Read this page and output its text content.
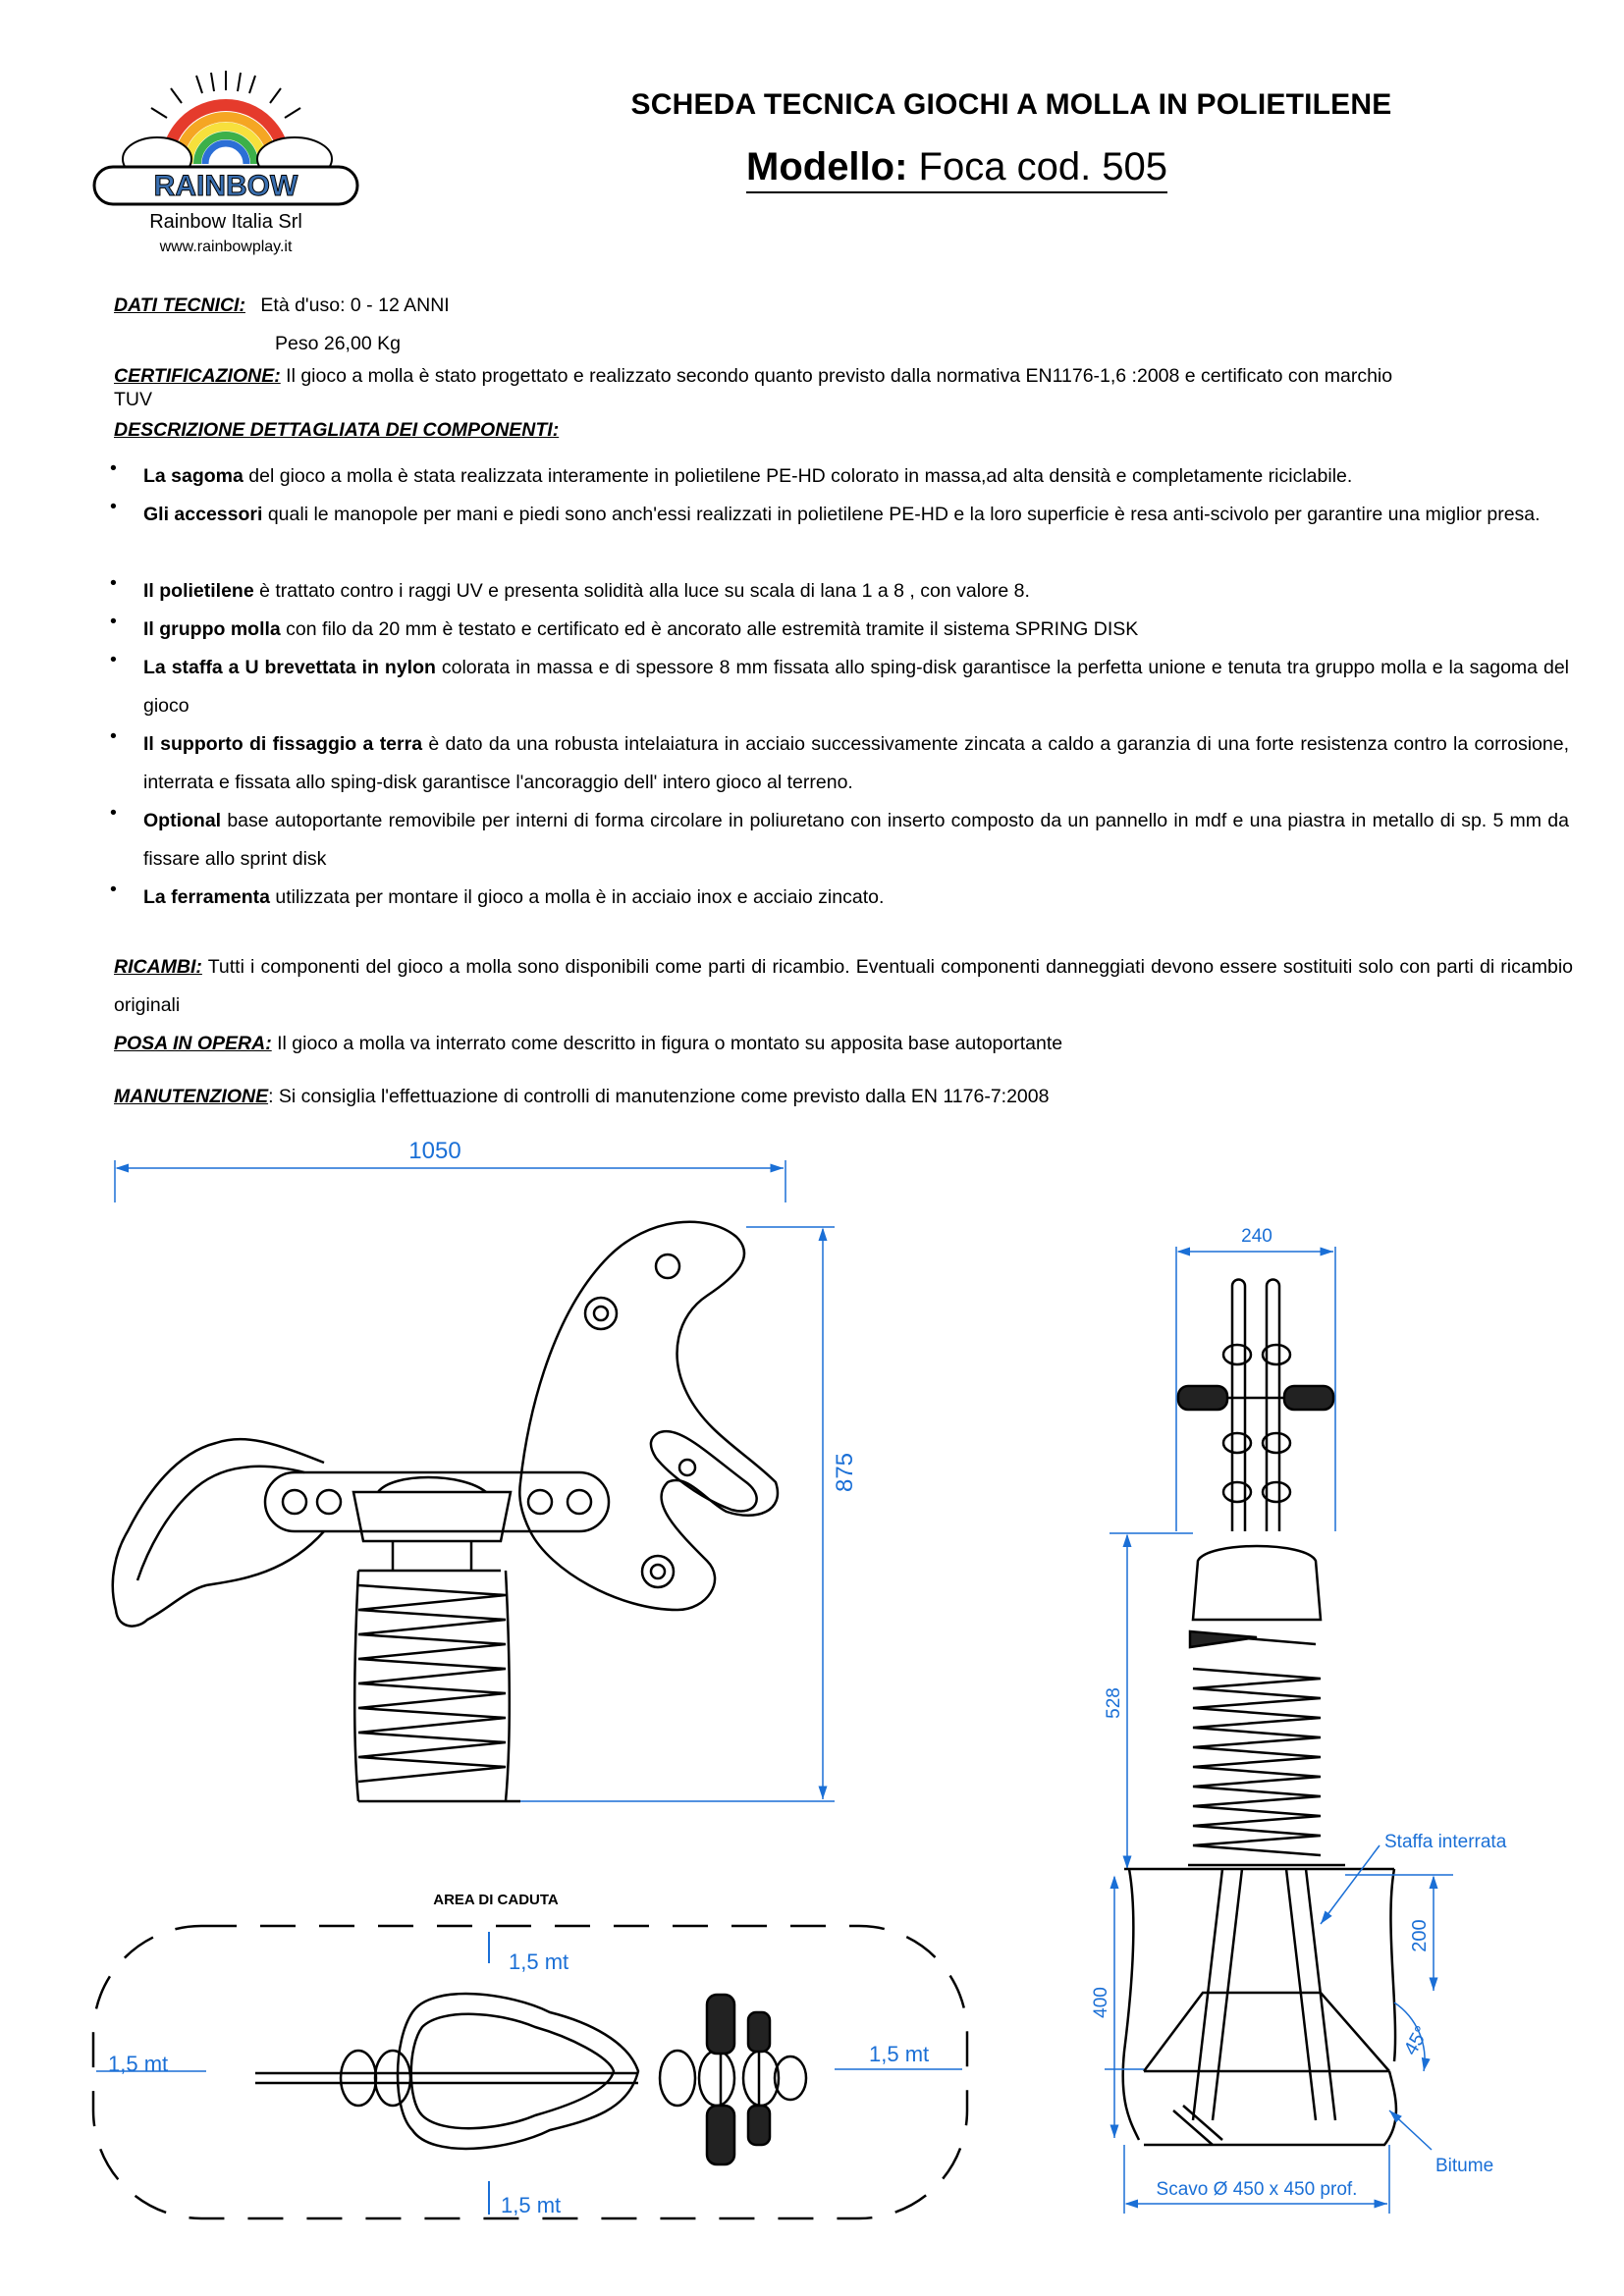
RAINBOW
Rainbow Italia Srl
www.rainbowplay.it
SCHEDA TECNICA GIOCHI A MOLLA IN POLIETILENE
Modello: Foca cod. 505
DATI TECNICI: Età d'uso: 0 - 12 ANNI
Peso 26,00 Kg
CERTIFICAZIONE: Il gioco a molla è stato progettato e realizzato secondo quanto previsto dalla normativa EN1176-1,6 :2008 e certificato con marchio
TUV
DESCRIZIONE DETTAGLIATA DEI COMPONENTI:
• La sagoma del gioco a molla è stata realizzata interamente in polietilene PE-HD colorato in massa,ad alta densità e completamente riciclabile.
• Gli accessori quali le manopole per mani e piedi sono anch'essi realizzati in polietilene PE-HD e la loro superficie è resa anti-scivolo per garantire una miglior presa.
• Il polietilene è trattato contro i raggi UV e presenta solidità alla luce su scala di lana 1 a 8 , con valore 8.
• Il gruppo molla con filo da 20 mm è testato e certificato ed è ancorato alle estremità tramite il sistema SPRING DISK
• La staffa a U brevettata in nylon colorata in massa e di spessore 8 mm fissata allo sping-disk garantisce la perfetta unione e tenuta tra gruppo molla e la sagoma del gioco
• Il supporto di fissaggio a terra è dato da una robusta intelaiatura in acciaio successivamente zincata a caldo a garanzia di una forte resistenza contro la corrosione, interrata e fissata allo sping-disk garantisce l'ancoraggio dell' intero gioco al terreno.
• Optional base autoportante removibile per interni di forma circolare in poliuretano con inserto composto da un pannello in mdf e una piastra in metallo di sp. 5 mm da fissare allo sprint disk
• La ferramenta utilizzata per montare il gioco a molla è in acciaio inox e acciaio zincato.
RICAMBI: Tutti i componenti del gioco a molla sono disponibili come parti di ricambio. Eventuali componenti danneggiati devono essere sostituiti solo con parti di ricambio originali
POSA IN OPERA: Il gioco a molla va interrato come descritto in figura o montato su apposita base autoportante
MANUTENZIONE: Si consiglia l'effettuazione di controlli di manutenzione come previsto dalla EN 1176-7:2008
1050
875
240
528
200
400
45°
Staffa interrata
Bitume
Scavo Ø 450 x 450 prof.
AREA DI CADUTA
1,5 mt
1,5 mt
1,5 mt	1,5 mt
